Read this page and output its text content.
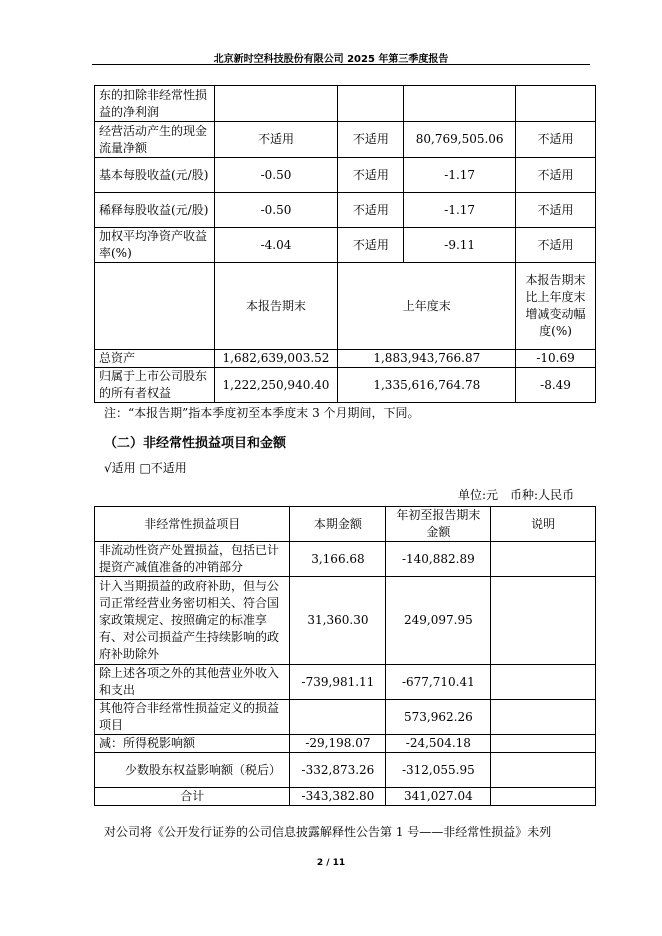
北京新时空科技股份有限公司 2025 年第三季度报告
东的扣除非经常性损益的净利润				
经营活动产生的现金流量净额	不适用	不适用	80,769,505.06	不适用
基本每股收益(元/股)	-0.50	不适用	-1.17	不适用
稀释每股收益(元/股)	-0.50	不适用	-1.17	不适用
加权平均净资产收益率(%)	-4.04	不适用	-9.11	不适用
	本报告期末	上年度末		本报告期末比上年度末增减变动幅度(%)
总资产	1,682,639,003.52	1,883,943,766.87		-10.69
归属于上市公司股东的所有者权益	1,222,250,940.40	1,335,616,764.78		-8.49
注：“本报告期”指本季度初至本季度末 3 个月期间，下同。
（二）非经常性损益项目和金额
√适用 □不适用
单位:元　币种:人民币
非经常性损益项目	本期金额	年初至报告期末金额	说明
非流动性资产处置损益，包括已计提资产减值准备的冲销部分	3,166.68	-140,882.89	
计入当期损益的政府补助，但与公司正常经营业务密切相关、符合国家政策规定、按照确定的标准享有、对公司损益产生持续影响的政府补助除外	31,360.30	249,097.95	
除上述各项之外的其他营业外收入和支出	-739,981.11	-677,710.41	
其他符合非经常性损益定义的损益项目		573,962.26	
减：所得税影响额	-29,198.07	-24,504.18	
少数股东权益影响额（税后）	-332,873.26	-312,055.95	
合计	-343,382.80	341,027.04	
对公司将《公开发行证券的公司信息披露解释性公告第 1 号——非经常性损益》未列
2 / 11
